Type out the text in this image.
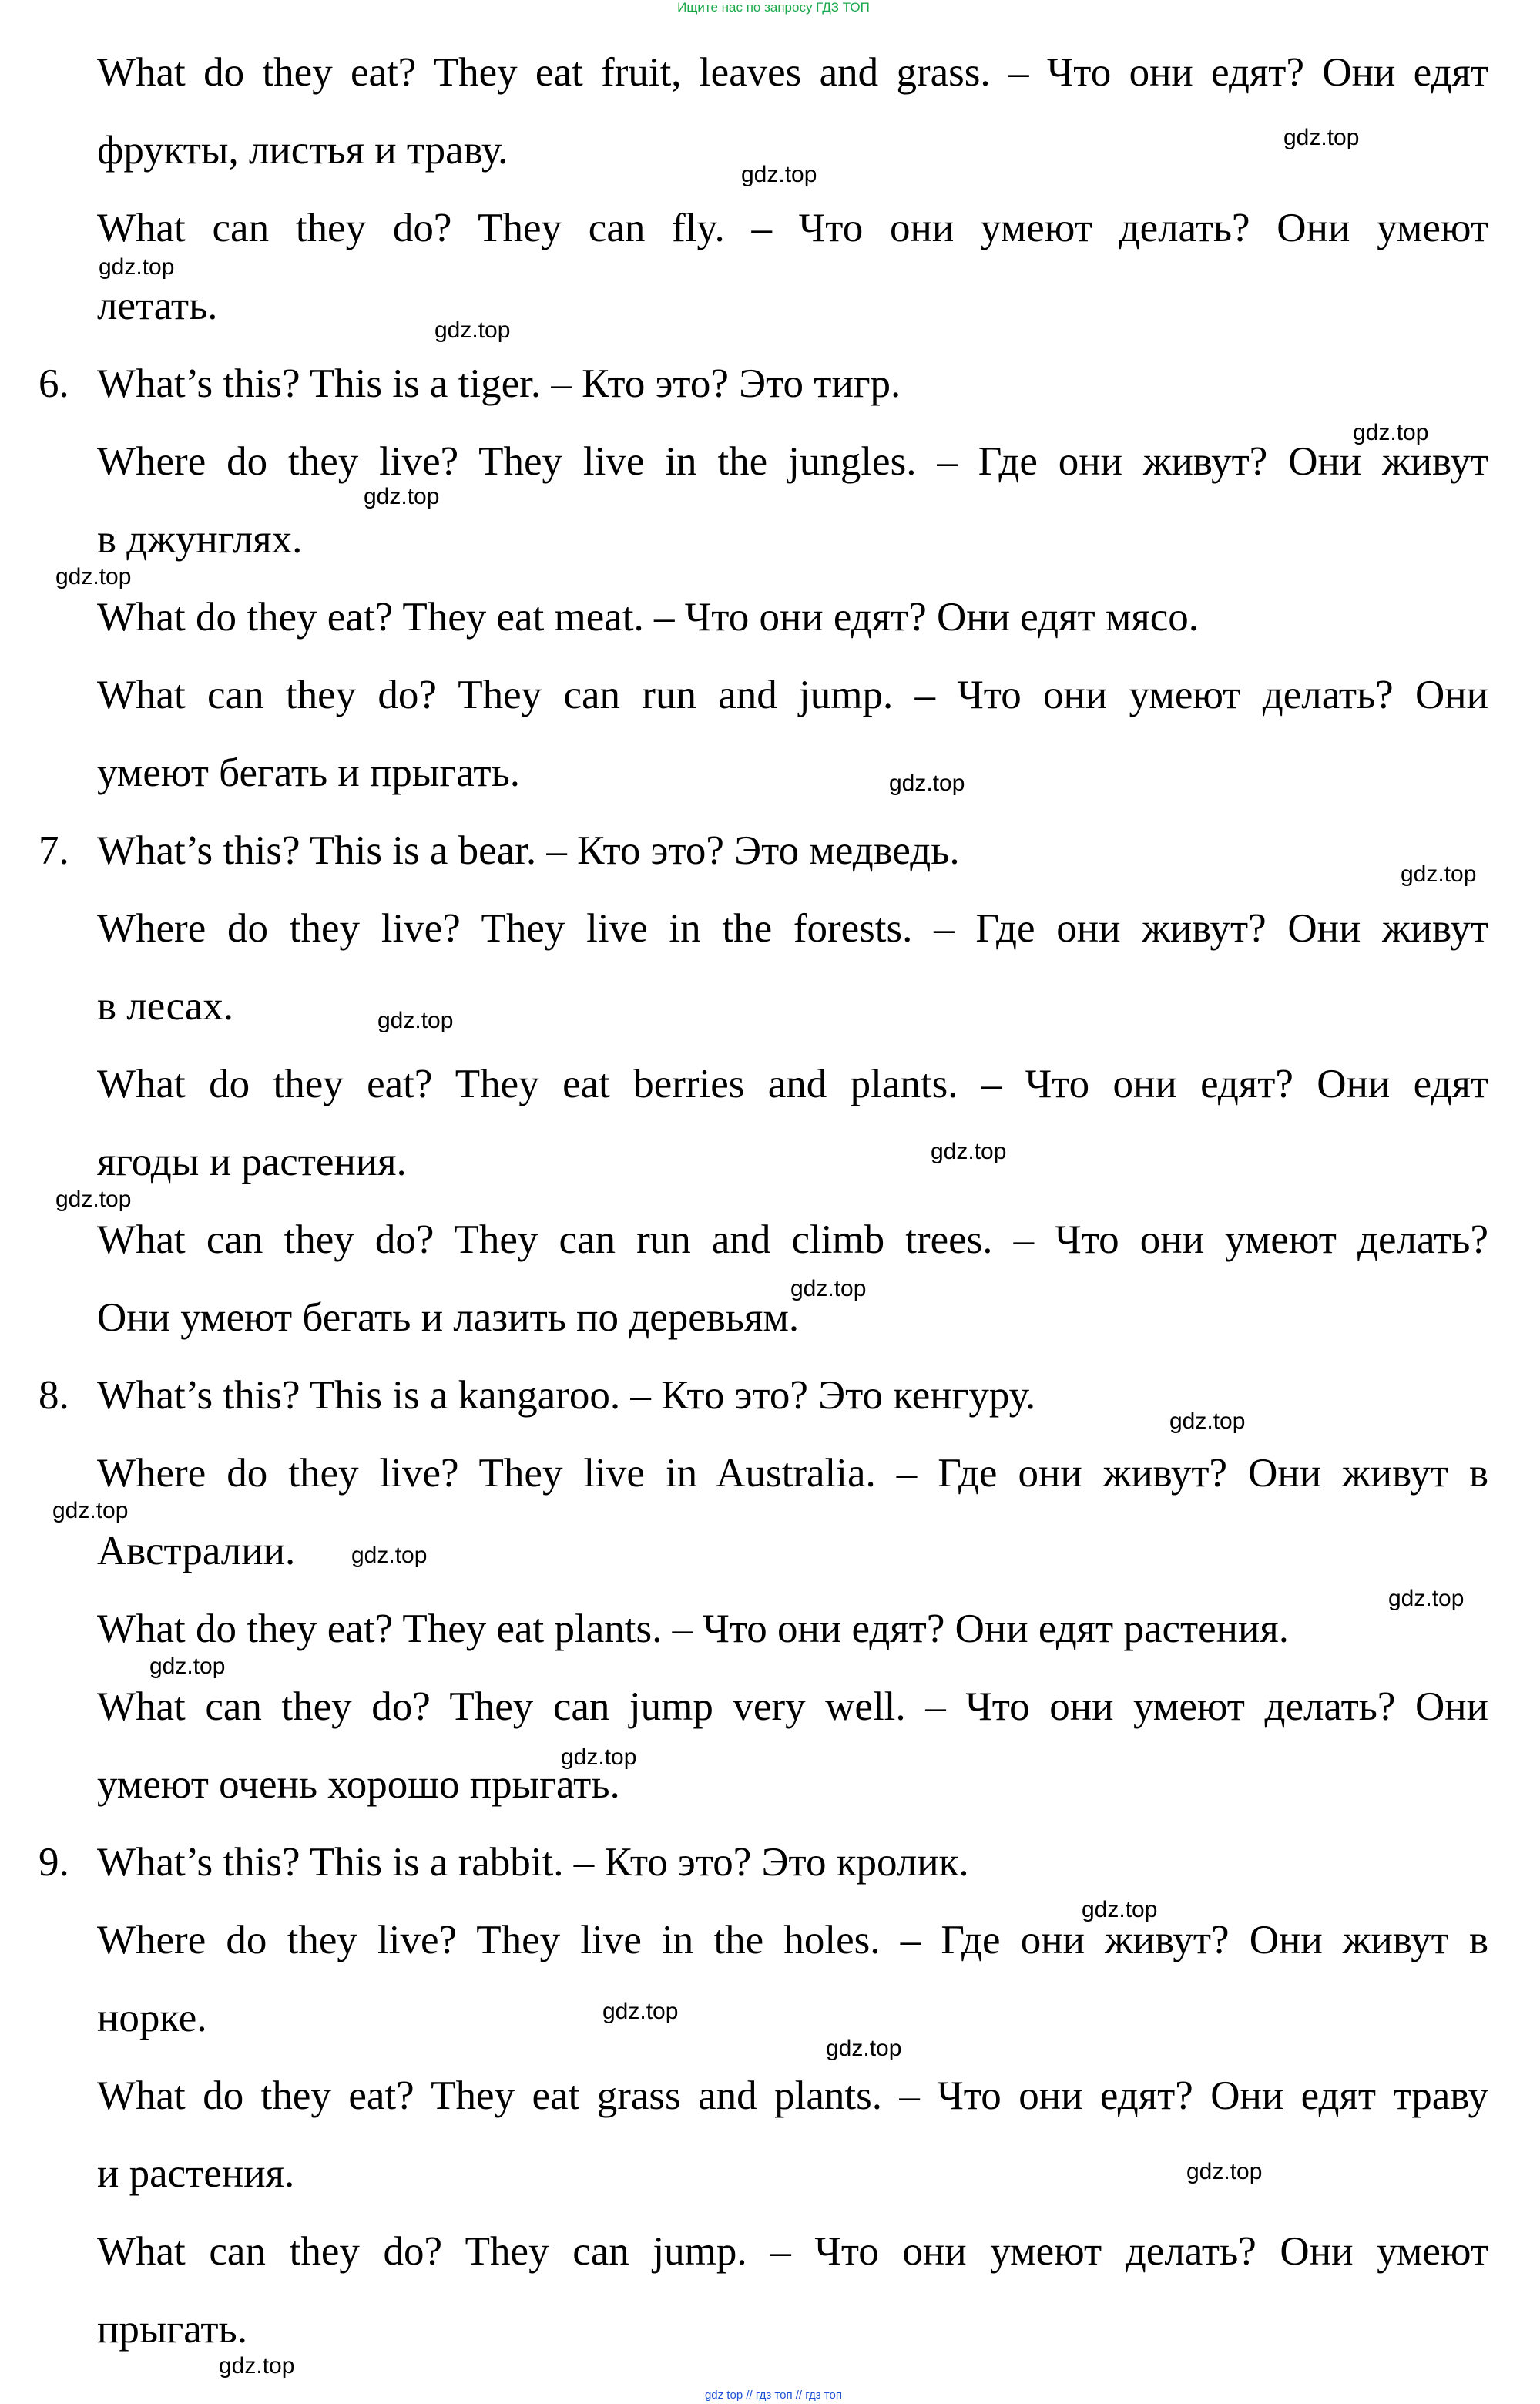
Ищите нас по запросу ГДЗ ТОП
What do they eat? They eat fruit, leaves and grass. – Что они едят? Они едят
фрукты, листья и траву.
What can they do? They can fly. – Что они умеют делать? Они умеют
летать.
6. What’s this? This is a tiger. – Кто это? Это тигр.
Where do they live? They live in the jungles. – Где они живут? Они живут
в джунглях.
What do they eat? They eat meat. – Что они едят? Они едят мясо.
What can they do? They can run and jump. – Что они умеют делать? Они
умеют бегать и прыгать.
7. What’s this? This is a bear. – Кто это? Это медведь.
Where do they live? They live in the forests. – Где они живут? Они живут
в лесах.
What do they eat? They eat berries and plants. – Что они едят? Они едят
ягоды и растения.
What can they do? They can run and climb trees. – Что они умеют делать?
Они умеют бегать и лазить по деревьям.
8. What’s this? This is a kangaroo. – Кто это? Это кенгуру.
Where do they live? They live in Australia. – Где они живут? Они живут в
Австралии.
What do they eat? They eat plants. – Что они едят? Они едят растения.
What can they do? They can jump very well. – Что они умеют делать? Они
умеют очень хорошо прыгать.
9. What’s this? This is a rabbit. – Кто это? Это кролик.
Where do they live? They live in the holes. – Где они живут? Они живут в
норке.
What do they eat? They eat grass and plants. – Что они едят? Они едят траву
и растения.
What can they do? They can jump. – Что они умеют делать? Они умеют
прыгать.
gdz.top
gdz.top
gdz.top
gdz.top
gdz.top
gdz.top
gdz.top
gdz.top
gdz.top
gdz.top
gdz.top
gdz.top
gdz.top
gdz.top
gdz.top
gdz.top
gdz.top
gdz.top
gdz.top
gdz.top
gdz.top
gdz.top
gdz.top
gdz.top
gdz top // гдз топ // гдз топ
